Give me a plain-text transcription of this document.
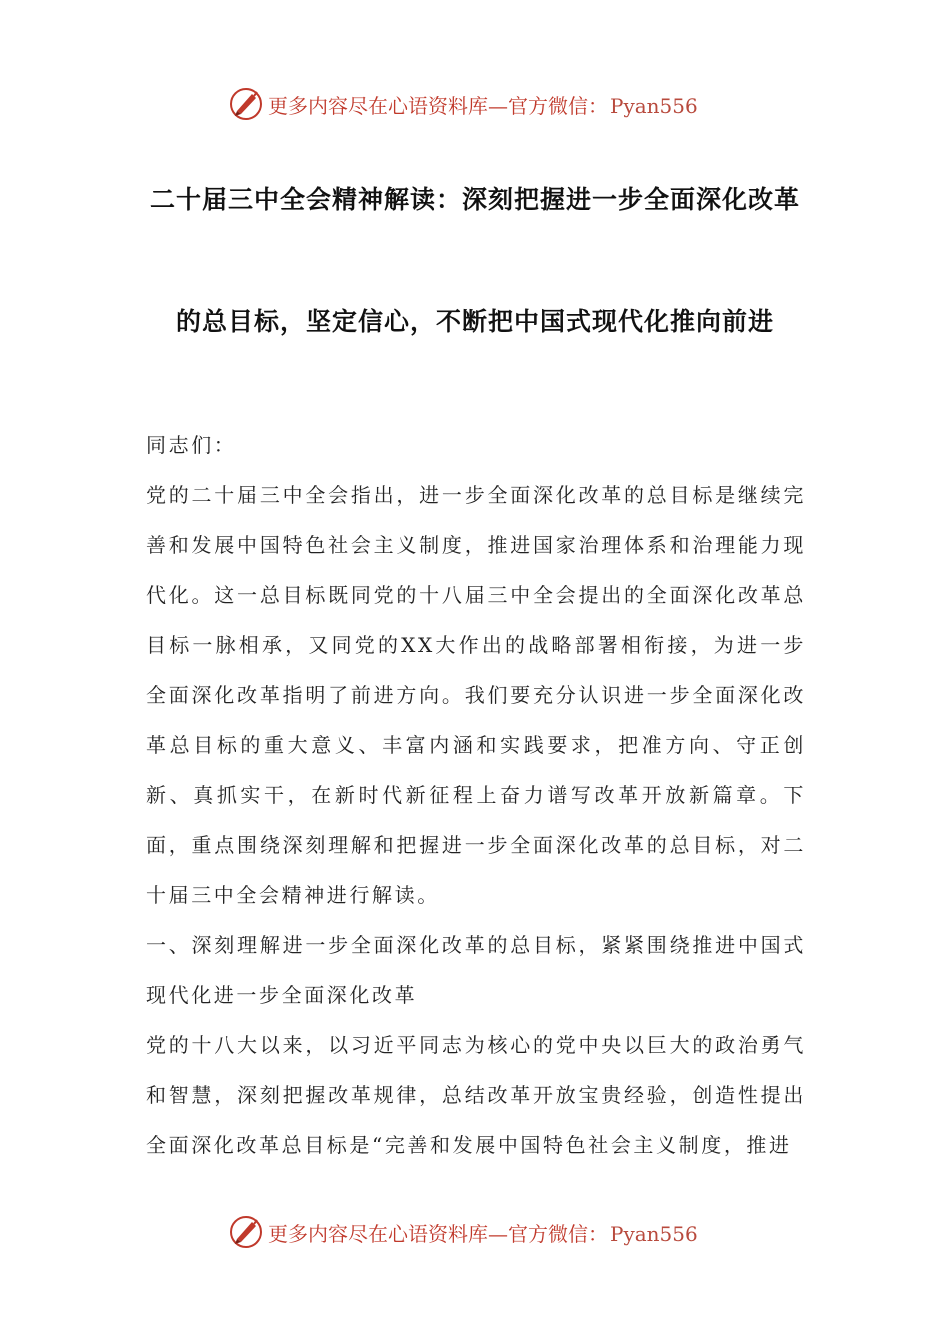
更多内容尽在心语资料库—官方微信： Pyan556
二十届三中全会精神解读：深刻把握进一步全面深化改革
的总目标，坚定信心，不断把中国式现代化推向前进

同志们：

党的二十届三中全会指出，进一步全面深化改革的总目标是继续完善和发展中国特色社会主义制度，推进国家治理体系和治理能力现代化。这一总目标既同党的十八届三中全会提出的全面深化改革总目标一脉相承，又同党的XX大作出的战略部署相衔接，为进一步全面深化改革指明了前进方向。我们要充分认识进一步全面深化改革总目标的重大意义、丰富内涵和实践要求，把准方向、守正创新、真抓实干，在新时代新征程上奋力谱写改革开放新篇章。下面，重点围绕深刻理解和把握进一步全面深化改革的总目标，对二十届三中全会精神进行解读。

一、深刻理解进一步全面深化改革的总目标，紧紧围绕推进中国式现代化进一步全面深化改革

党的十八大以来，以习近平同志为核心的党中央以巨大的政治勇气和智慧，深刻把握改革规律，总结改革开放宝贵经验，创造性提出全面深化改革总目标是“完善和发展中国特色社会主义制度，推进

更多内容尽在心语资料库—官方微信： Pyan556
